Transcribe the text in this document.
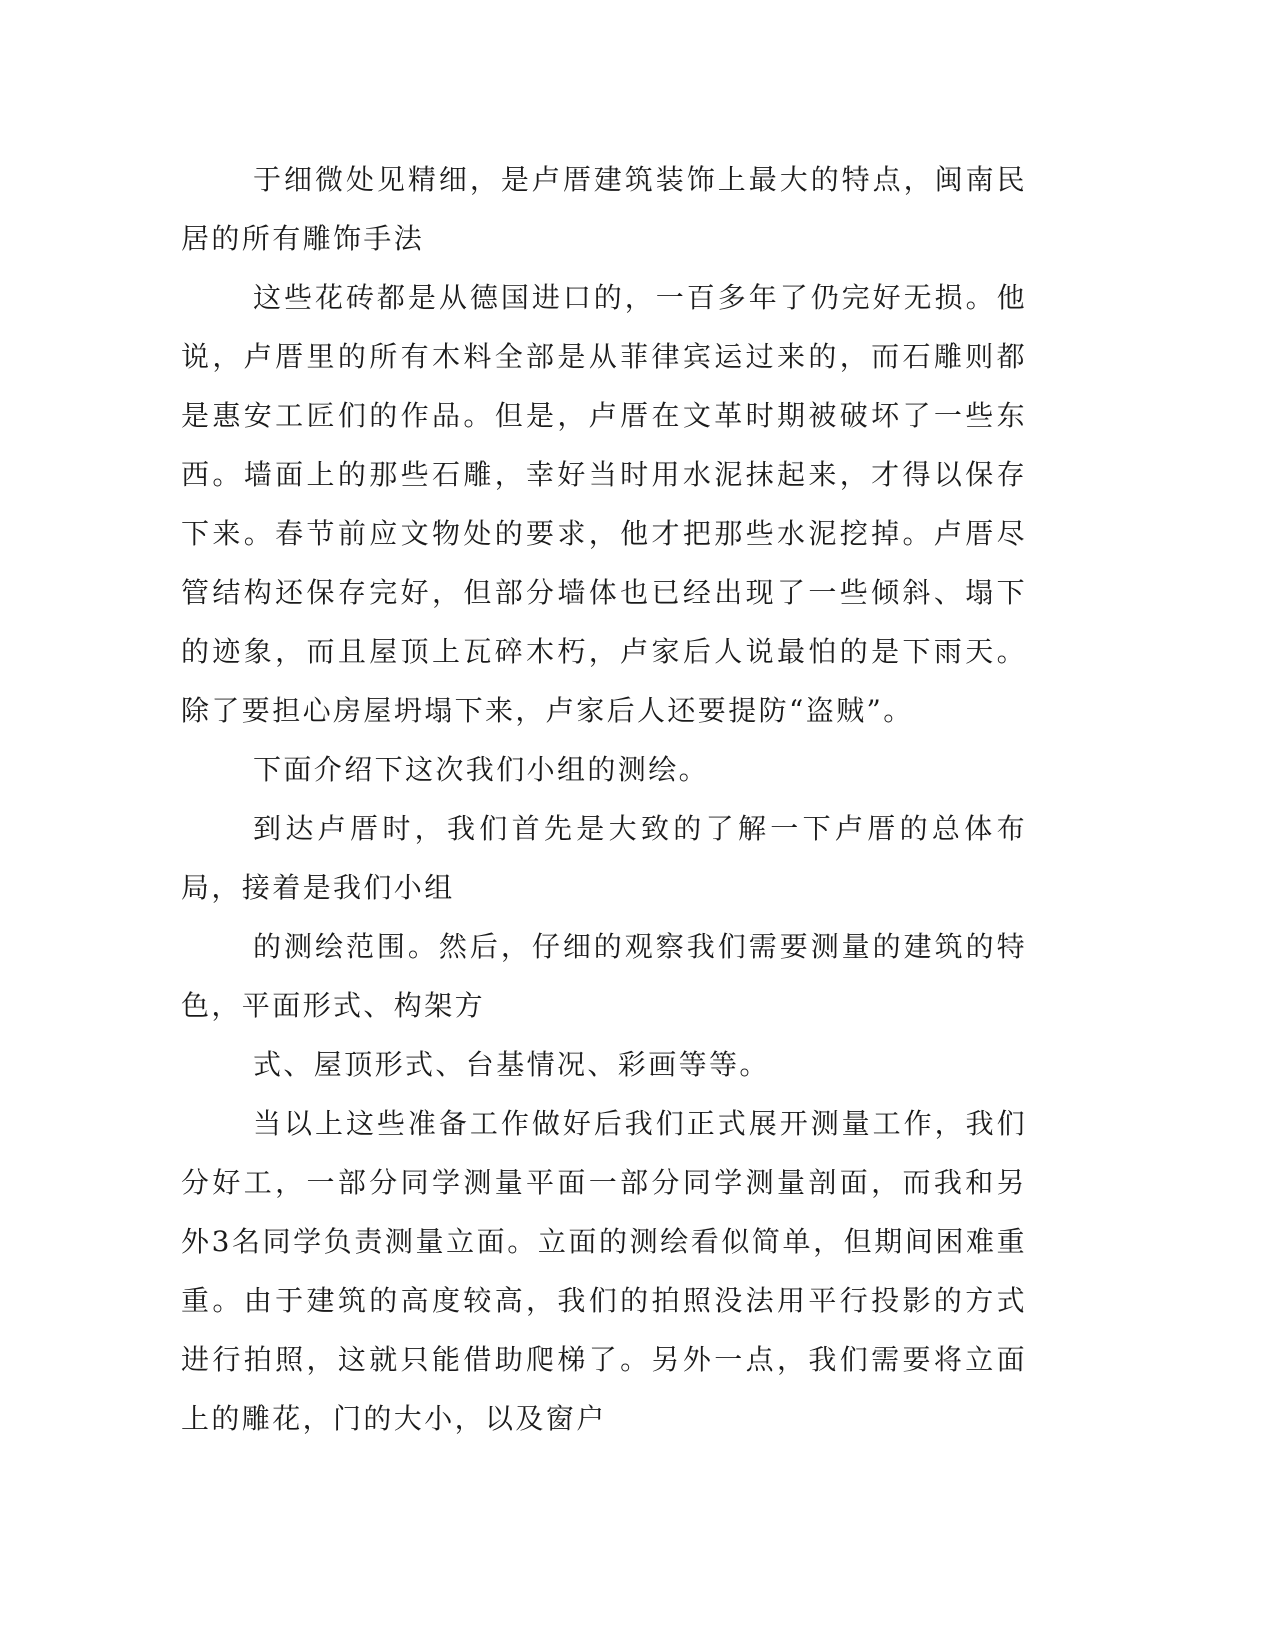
于细微处见精细，是卢厝建筑装饰上最大的特点，闽南民居的所有雕饰手法

这些花砖都是从德国进口的，一百多年了仍完好无损。他说，卢厝里的所有木料全部是从菲律宾运过来的，而石雕则都是惠安工匠们的作品。但是，卢厝在文革时期被破坏了一些东西。墙面上的那些石雕，幸好当时用水泥抹起来，才得以保存下来。春节前应文物处的要求，他才把那些水泥挖掉。卢厝尽管结构还保存完好，但部分墙体也已经出现了一些倾斜、塌下的迹象，而且屋顶上瓦碎木朽，卢家后人说最怕的是下雨天。除了要担心房屋坍塌下来，卢家后人还要提防“盗贼”。

下面介绍下这次我们小组的测绘。

到达卢厝时，我们首先是大致的了解一下卢厝的总体布局，接着是我们小组

的测绘范围。然后，仔细的观察我们需要测量的建筑的特色，平面形式、构架方

式、屋顶形式、台基情况、彩画等等。

当以上这些准备工作做好后我们正式展开测量工作，我们分好工，一部分同学测量平面一部分同学测量剖面，而我和另外3名同学负责测量立面。立面的测绘看似简单，但期间困难重重。由于建筑的高度较高，我们的拍照没法用平行投影的方式进行拍照，这就只能借助爬梯了。另外一点，我们需要将立面上的雕花，门的大小，以及窗户
